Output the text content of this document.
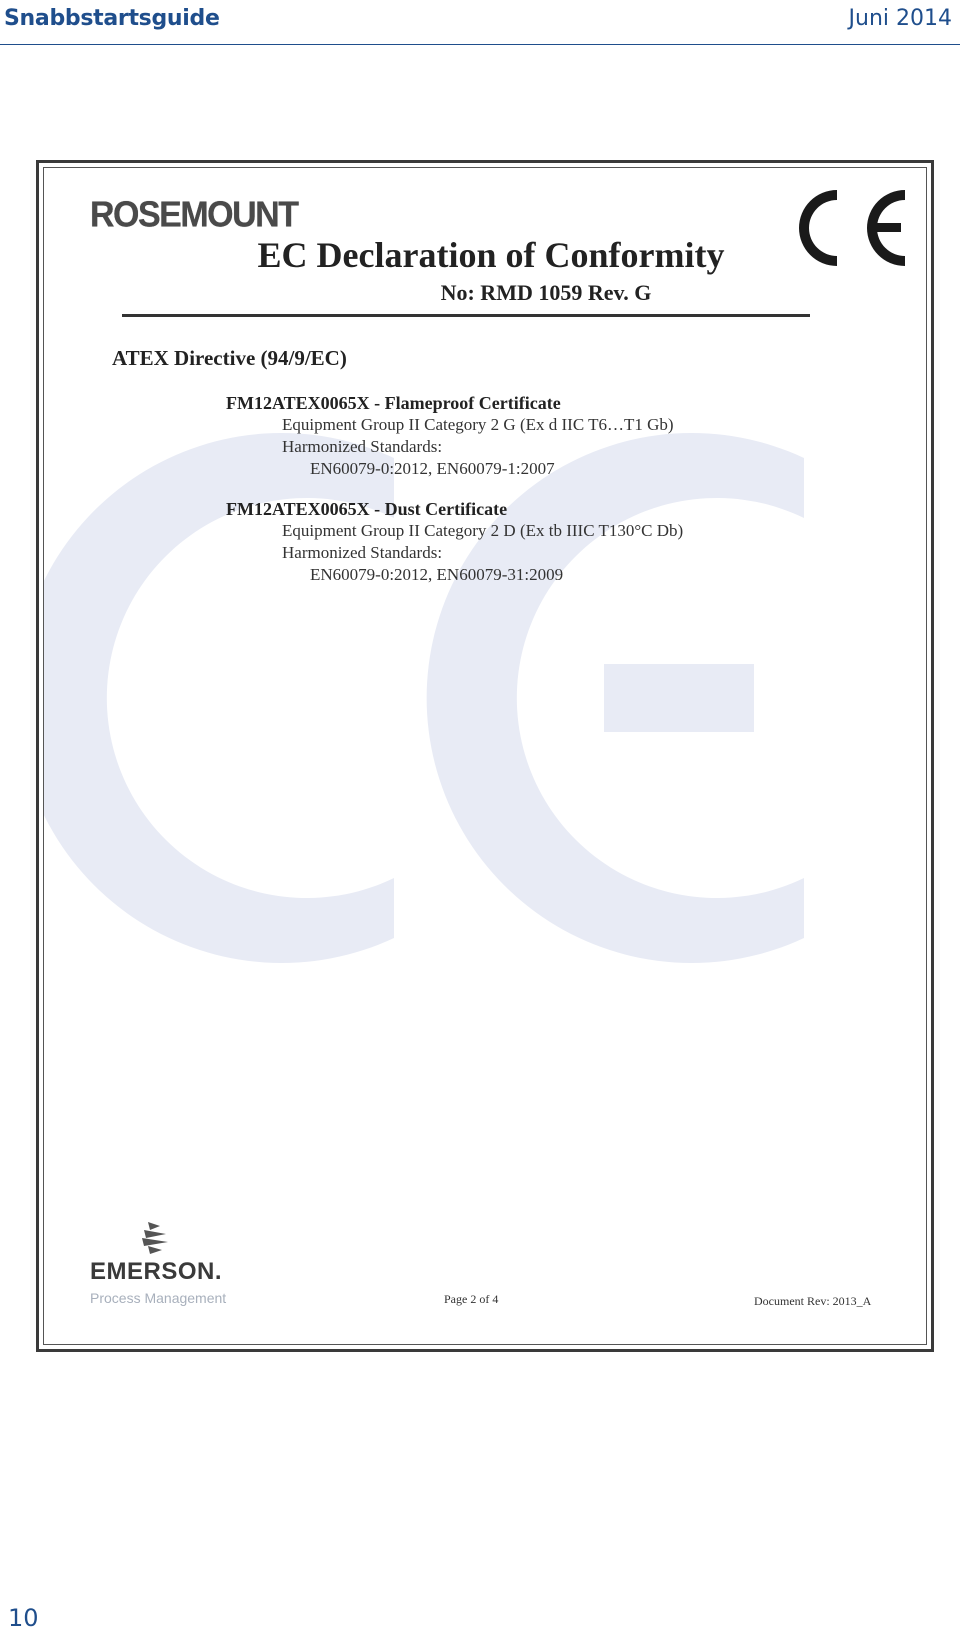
Snabbstartsguide	Juni 2014
ROSEMOUNT
EC Declaration of Conformity
No: RMD 1059 Rev. G
ATEX Directive (94/9/EC)
FM12ATEX0065X - Flameproof Certificate
Equipment Group II Category 2 G (Ex d IIC T6…T1 Gb)
Harmonized Standards:
EN60079-0:2012, EN60079-1:2007
FM12ATEX0065X - Dust Certificate
Equipment Group II Category 2 D (Ex tb IIIC T130°C Db)
Harmonized Standards:
EN60079-0:2012, EN60079-31:2009
EMERSON.
Process Management	Page 2 of 4	Document Rev: 2013_A
10
